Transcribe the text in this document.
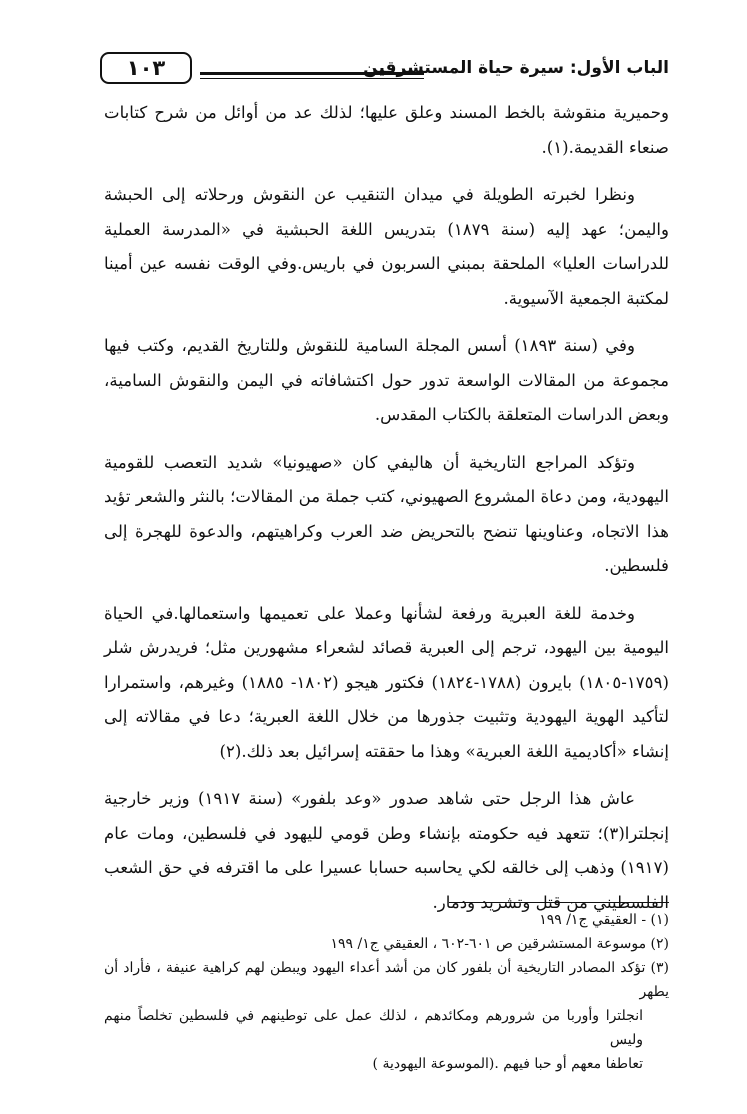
الباب الأول: سيرة حياة المستشرقين
١٠٣

وحميرية منقوشة بالخط المسند وعلق عليها؛ لذلك عد من أوائل من شرح كتابات صنعاء القديمة.(١).

ونظرا لخبرته الطويلة في ميدان التنقيب عن النقوش ورحلاته إلى الحبشة واليمن؛ عهد إليه (سنة ١٨٧٩) بتدريس اللغة الحبشية في «المدرسة العملية للدراسات العليا» الملحقة بمبني السربون في باريس.وفي الوقت نفسه عين أمينا لمكتبة الجمعية الآسيوية.

وفي (سنة ١٨٩٣) أسس المجلة السامية للنقوش وللتاريخ القديم، وكتب فيها مجموعة من المقالات الواسعة تدور حول اكتشافاته في اليمن والنقوش السامية، وبعض الدراسات المتعلقة بالكتاب المقدس.

وتؤكد المراجع التاريخية أن هاليفي كان «صهيونيا» شديد التعصب للقومية اليهودية، ومن دعاة المشروع الصهيوني، كتب جملة من المقالات؛ بالنثر والشعر تؤيد هذا الاتجاه، وعناوينها تنضح بالتحريض ضد العرب وكراهيتهم، والدعوة للهجرة إلى فلسطين.

وخدمة للغة العبرية ورفعة لشأنها وعملا على تعميمها واستعمالها.في الحياة اليومية بين اليهود، ترجم إلى العبرية قصائد لشعراء مشهورين مثل؛ فريدرش شلر (١٧٥٩-١٨٠٥) بايرون (١٧٨٨-١٨٢٤) فكتور هيجو (١٨٠٢- ١٨٨٥) وغيرهم، واستمرارا لتأكيد الهوية اليهودية وتثبيت جذورها من خلال اللغة العبرية؛ دعا في مقالاته إلى إنشاء «أكاديمية اللغة العبرية» وهذا ما حققته إسرائيل بعد ذلك.(٢)

عاش هذا الرجل حتى شاهد صدور «وعد بلفور» (سنة ١٩١٧) وزير خارجية إنجلترا(٣)؛ تتعهد فيه حكومته بإنشاء وطن قومي لليهود في فلسطين، ومات عام (١٩١٧) وذهب إلى خالقه لكي يحاسبه حسابا عسيرا على ما اقترفه في حق الشعب الفلسطيني من قتل وتشريد ودمار.

(١) - العقيقي ج١/ ١٩٩

(٢) موسوعة المستشرقين ص ٦٠١-٦٠٢ ، العقيقي ج١/ ١٩٩

(٣) تؤكد المصادر التاريخية أن بلفور كان من أشد أعداء اليهود ويبطن لهم كراهية عنيفة ، فأراد أن يطهر

انجلترا وأوربا من شرورهم ومكائدهم ، لذلك عمل على توطينهم في فلسطين تخلصاً منهم وليس

تعاطفا معهم أو حبا فيهم .(الموسوعة اليهودية )
